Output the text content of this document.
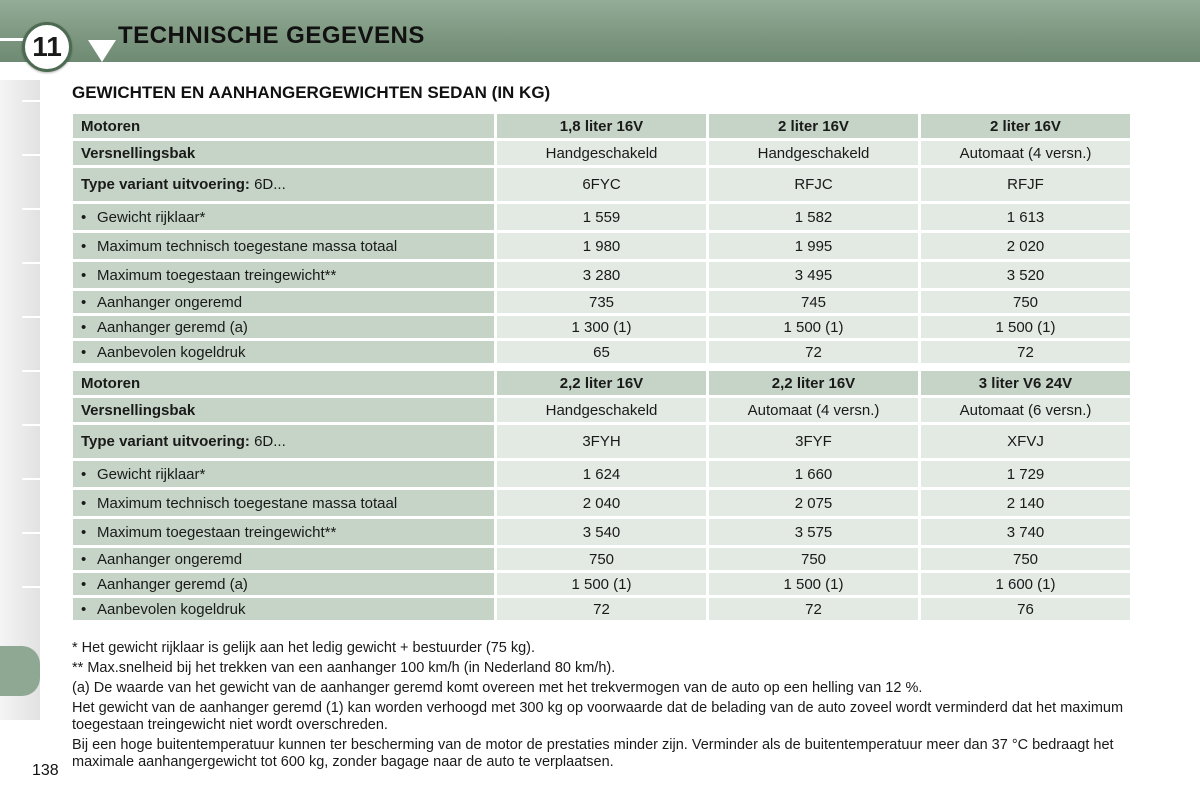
11	TECHNISCHE GEGEVENS
GEWICHTEN EN AANHANGERGEWICHTEN SEDAN (IN KG)
Motoren	1,8 liter 16V	2 liter 16V	2 liter 16V
Versnellingsbak	Handgeschakeld	Handgeschakeld	Automaat (4 versn.)
Type variant uitvoering: 6D...	6FYC	RFJC	RFJF
• Gewicht rijklaar*	1 559	1 582	1 613
• Maximum technisch toegestane massa totaal	1 980	1 995	2 020
• Maximum toegestaan treingewicht**	3 280	3 495	3 520
• Aanhanger ongeremd	735	745	750
• Aanhanger geremd (a)	1 300 (1)	1 500 (1)	1 500 (1)
• Aanbevolen kogeldruk	65	72	72
Motoren	2,2 liter 16V	2,2 liter 16V	3 liter V6 24V
Versnellingsbak	Handgeschakeld	Automaat (4 versn.)	Automaat (6 versn.)
Type variant uitvoering: 6D...	3FYH	3FYF	XFVJ
• Gewicht rijklaar*	1 624	1 660	1 729
• Maximum technisch toegestane massa totaal	2 040	2 075	2 140
• Maximum toegestaan treingewicht**	3 540	3 575	3 740
• Aanhanger ongeremd	750	750	750
• Aanhanger geremd (a)	1 500 (1)	1 500 (1)	1 600 (1)
• Aanbevolen kogeldruk	72	72	76

* Het gewicht rijklaar is gelijk aan het ledig gewicht + bestuurder (75 kg).

** Max.snelheid bij het trekken van een aanhanger 100 km/h (in Nederland 80 km/h).

(a) De waarde van het gewicht van de aanhanger geremd komt overeen met het trekvermogen van de auto op een helling van 12 %.

Het gewicht van de aanhanger geremd (1) kan worden verhoogd met 300 kg op voorwaarde dat de belading van de auto zoveel wordt verminderd dat het maximum toegestaan treingewicht niet wordt overschreden.

Bij een hoge buitentemperatuur kunnen ter bescherming van de motor de prestaties minder zijn. Verminder als de buitentemperatuur meer dan 37 °C bedraagt het maximale aanhangergewicht tot 600 kg, zonder bagage naar de auto te verplaatsen.

138
